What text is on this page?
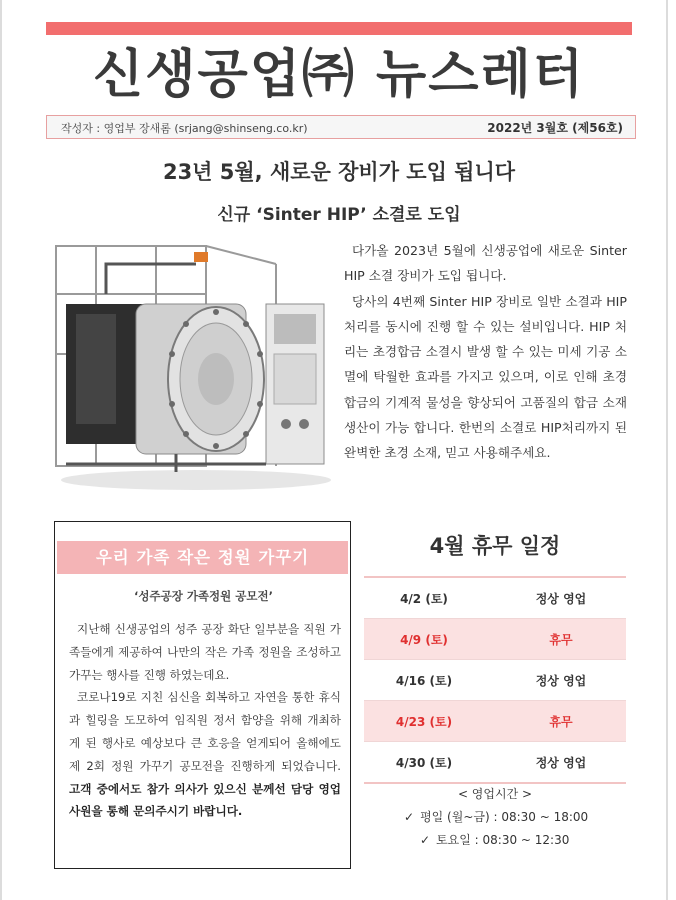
신생공업㈜ 뉴스레터
작성자 : 영업부 장새롬 (srjang@shinseng.co.kr)	2022년 3월호 (제56호)
23년 5월, 새로운 장비가 도입 됩니다
신규 ‘Sinter HIP’ 소결로 도입

다가올 2023년 5월에 신생공업에 새로운 Sinter HIP 소결 장비가 도입 됩니다.

당사의 4번째 Sinter HIP 장비로 일반 소결과 HIP 처리를 동시에 진행 할 수 있는 설비입니다. HIP 처리는 초경합금 소결시 발생 할 수 있는 미세 기공 소멸에 탁월한 효과를 가지고 있으며, 이로 인해 초경 합금의 기계적 물성을 향상되어 고품질의 합금 소재 생산이 가능 합니다. 한번의 소결로 HIP처리까지 된 완벽한 초경 소재, 믿고 사용해주세요.

우리 가족 작은 정원 가꾸기
‘성주공장 가족정원 공모전’

지난해 신생공업의 성주 공장 화단 일부분을 직원 가족들에게 제공하여 나만의 작은 가족 정원을 조성하고 가꾸는 행사를 진행 하였는데요.

코로나19로 지친 심신을 회복하고 자연을 통한 휴식과 힐링을 도모하여 임직원 정서 함양을 위해 개최하게 된 행사로 예상보다 큰 호응을 얻게되어 올해에도 제 2회 정원 가꾸기 공모전을 진행하게 되었습니다. 고객 중에서도 참가 의사가 있으신 분께선 담당 영업사원을 통해 문의주시기 바랍니다.

4월 휴무 일정
4/2 (토)	정상 영업
4/9 (토)	휴무
4/16 (토)	정상 영업
4/23 (토)	휴무
4/30 (토)	정상 영업
< 영업시간 >
✓ 평일 (월~금) : 08:30 ~ 18:00
✓ 토요일 : 08:30 ~ 12:30
